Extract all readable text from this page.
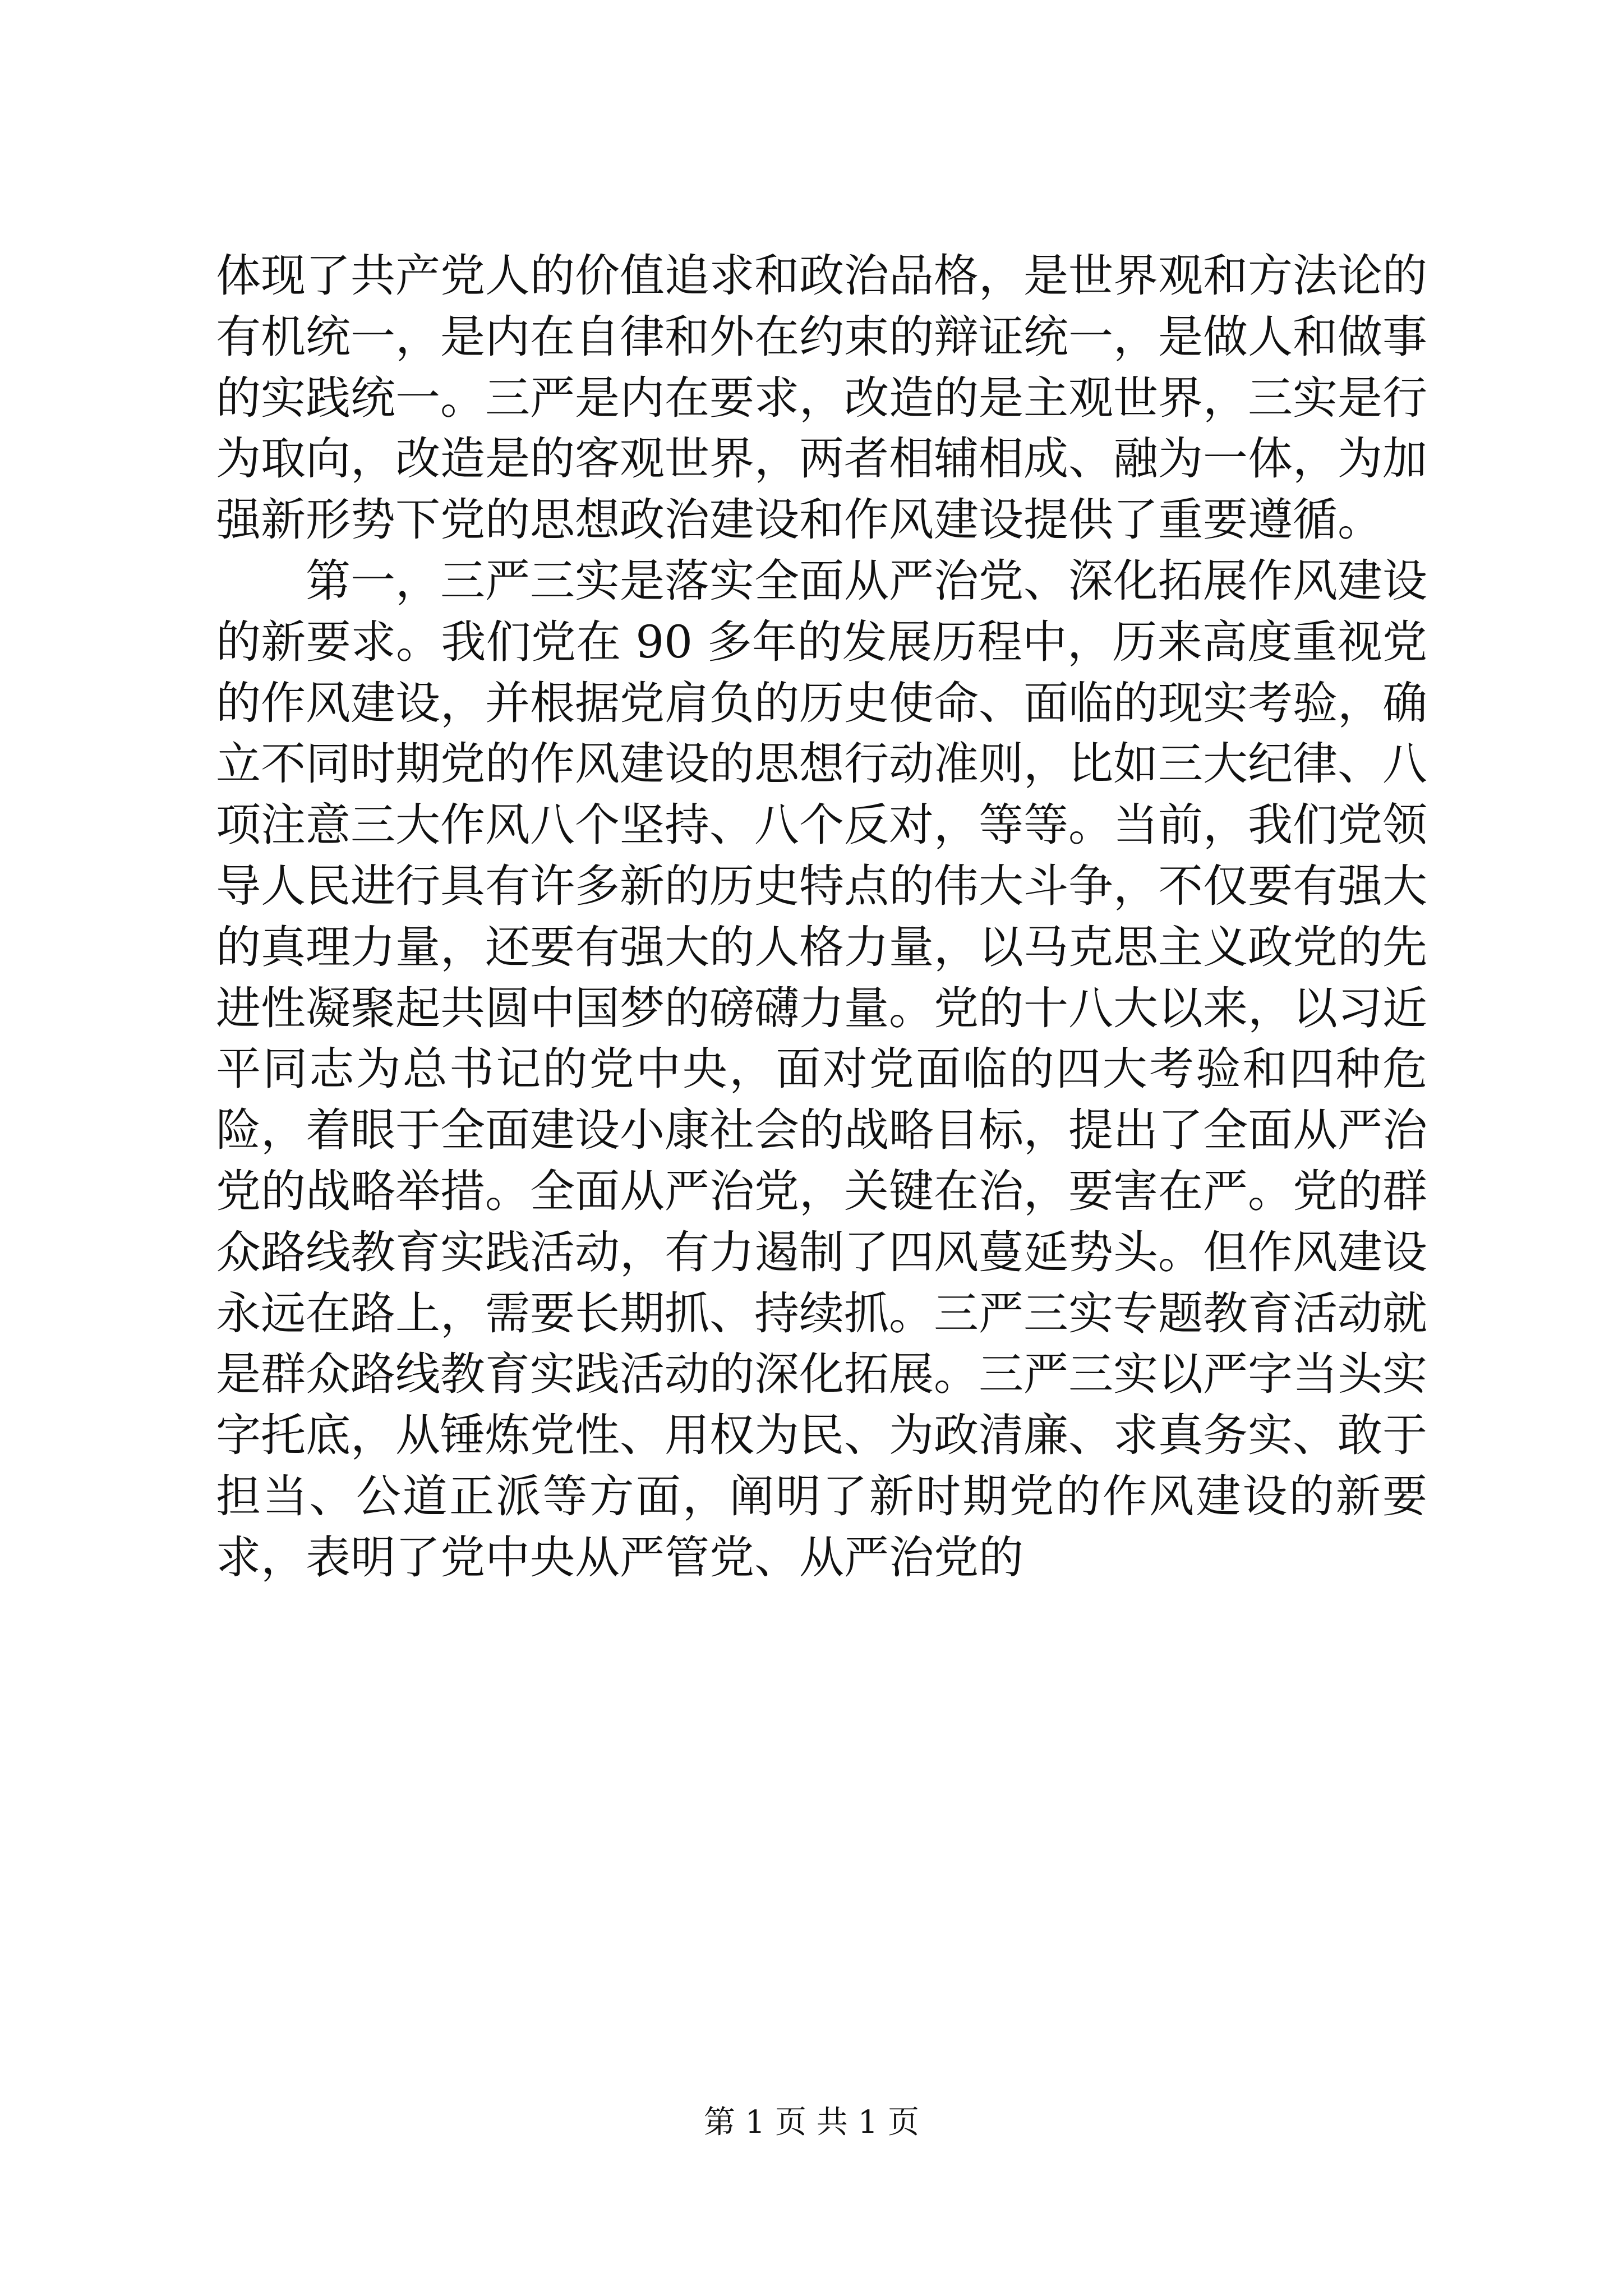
体现了共产党人的价值追求和政治品格，是世界观和方法论的有机统一，是内在自律和外在约束的辩证统一，是做人和做事的实践统一。三严是内在要求，改造的是主观世界，三实是行为取向，改造是的客观世界，两者相辅相成、融为一体，为加强新形势下党的思想政治建设和作风建设提供了重要遵循。

第一，三严三实是落实全面从严治党、深化拓展作风建设的新要求。我们党在 90 多年的发展历程中，历来高度重视党的作风建设，并根据党肩负的历史使命、面临的现实考验，确立不同时期党的作风建设的思想行动准则，比如三大纪律、八项注意三大作风八个坚持、八个反对，等等。当前，我们党领导人民进行具有许多新的历史特点的伟大斗争，不仅要有强大的真理力量，还要有强大的人格力量，以马克思主义政党的先进性凝聚起共圆中国梦的磅礴力量。党的十八大以来，以习近平同志为总书记的党中央，面对党面临的四大考验和四种危险，着眼于全面建设小康社会的战略目标，提出了全面从严治党的战略举措。全面从严治党，关键在治，要害在严。党的群众路线教育实践活动，有力遏制了四风蔓延势头。但作风建设永远在路上，需要长期抓、持续抓。三严三实专题教育活动就是群众路线教育实践活动的深化拓展。三严三实以严字当头实字托底，从锤炼党性、用权为民、为政清廉、求真务实、敢于担当、公道正派等方面，阐明了新时期党的作风建设的新要求，表明了党中央从严管党、从严治党的

第 1 页 共 1 页
